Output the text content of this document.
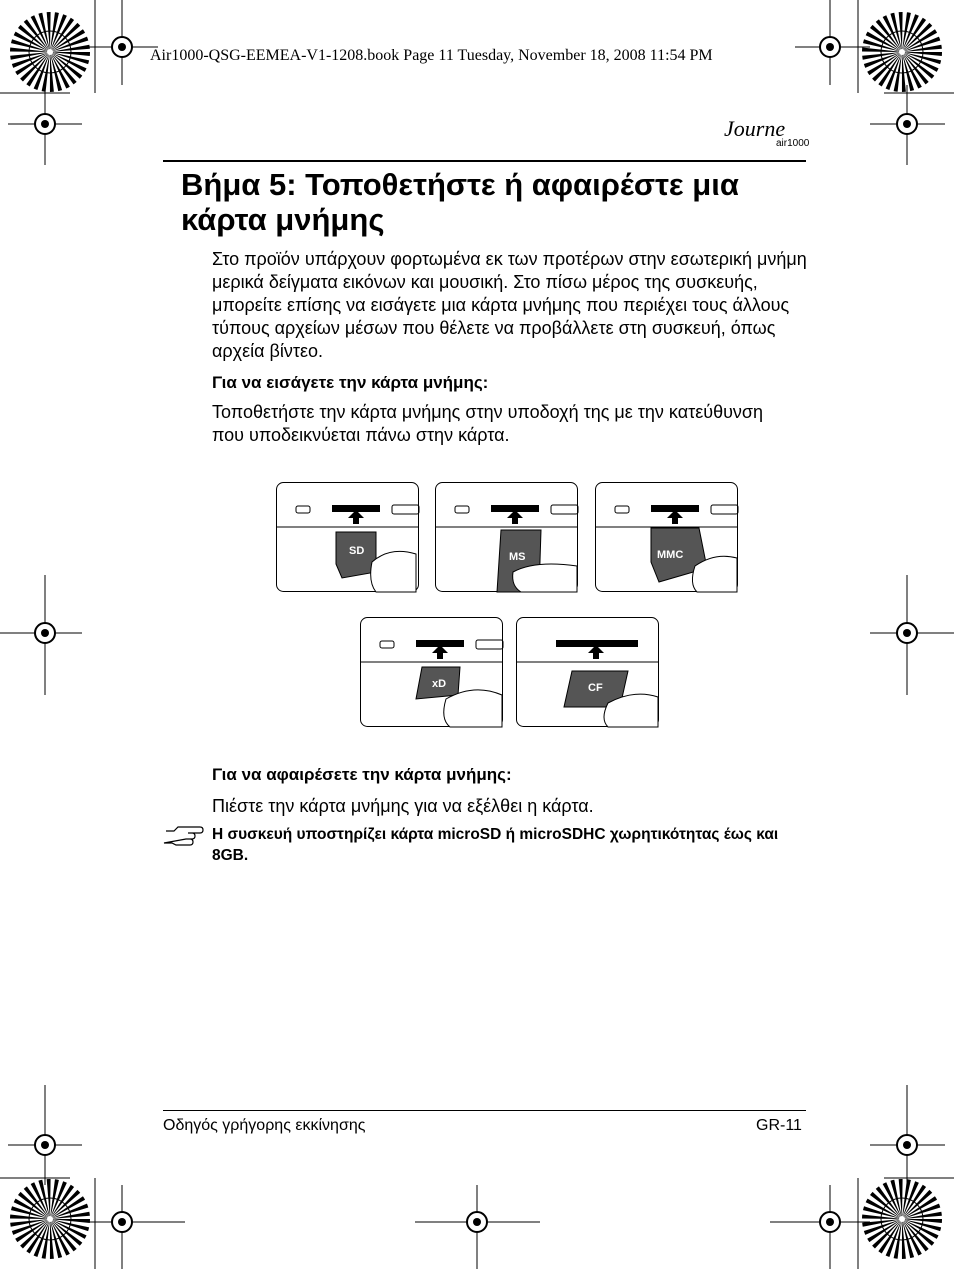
Air1000-QSG-EEMEA-V1-1208.book Page 11 Tuesday, November 18, 2008 11:54 PM
Journe
air1000
Βήμα 5: Τοποθετήστε ή αφαιρέστε μια κάρτα μνήμης

Στο προϊόν υπάρχουν φορτωμένα εκ των προτέρων στην εσωτερική μνήμη μερικά δείγματα εικόνων και μουσική. Στο πίσω μέρος της συσκευής, μπορείτε επίσης να εισάγετε μια κάρτα μνήμης που περιέχει τους άλλους τύπους αρχείων μέσων που θέλετε να προβάλλετε στη συσκευή, όπως αρχεία βίντεο.

Για να εισάγετε την κάρτα μνήμης:

Τοποθετήστε την κάρτα μνήμης στην υποδοχή της με την κατεύθυνση που υποδεικνύεται πάνω στην κάρτα.

SD	MS	MMC
xD	CF
Για να αφαιρέσετε την κάρτα μνήμης:
Πιέστε την κάρτα μνήμης για να εξέλθει η κάρτα.

Η συσκευή υποστηρίζει κάρτα microSD ή microSDHC χωρητικότητας έως και 8GB.

Οδηγός γρήγορης εκκίνησης	GR-11
